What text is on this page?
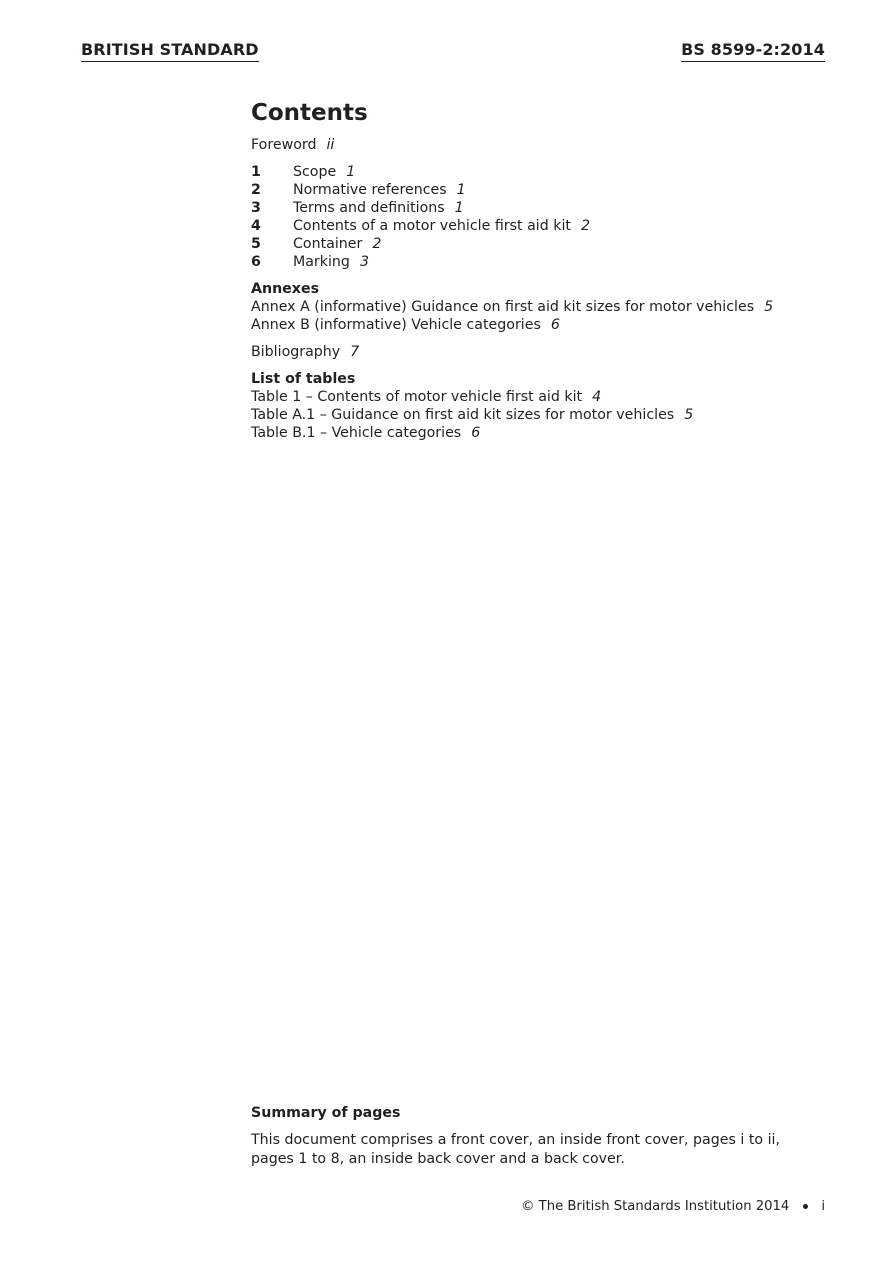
BRITISH STANDARD	BS 8599-2:2014
Contents
Foreword ii
1	Scope 1
2	Normative references 1
3	Terms and definitions 1
4	Contents of a motor vehicle first aid kit 2
5	Container 2
6	Marking 3
Annexes
Annex A (informative) Guidance on first aid kit sizes for motor vehicles 5
Annex B (informative) Vehicle categories 6
Bibliography 7
List of tables
Table 1 – Contents of motor vehicle first aid kit 4
Table A.1 – Guidance on first aid kit sizes for motor vehicles 5
Table B.1 – Vehicle categories 6
Summary of pages
This document comprises a front cover, an inside front cover, pages i to ii,
pages 1 to 8, an inside back cover and a back cover.
© The British Standards Institution 2014 i
